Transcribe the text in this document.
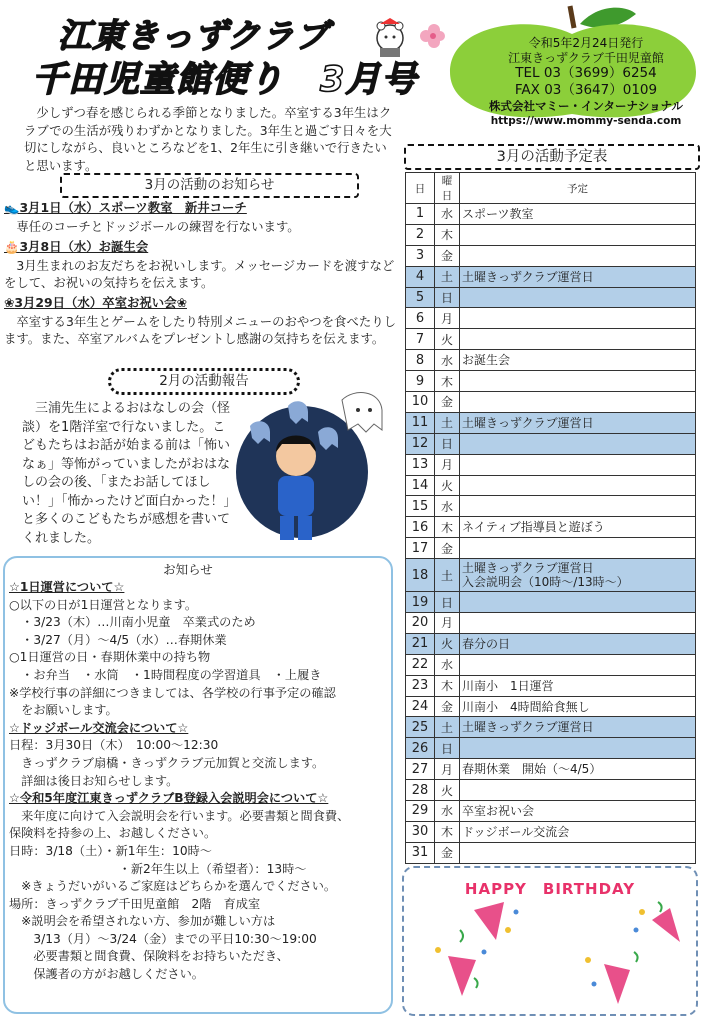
江東きっずクラブ
千田児童館便り　3月号
令和5年2月24日発行
江東きっずクラブ千田児童館
TEL 03（3699）6254
FAX 03（3647）0109
株式会社マミー・インターナショナル
https://www.mommy-senda.com
少しずつ春を感じられる季節となりました。卒室する3年生はクラブでの生活が残りわずかとなりました。3年生と過ごす日々を大切にしながら、良いところなどを1、2年生に引き継いで行きたいと思います。
3月の活動のお知らせ
👟3月1日（水）スポーツ教室　新井コーチ
専任のコーチとドッジボールの練習を行ないます。
🎂3月8日（水）お誕生会
3月生まれのお友だちをお祝いします。メッセージカードを渡すなどをして、お祝いの気持ちを伝えます。
❀3月29日（水）卒室お祝い会❀
卒室する3年生とゲームをしたり特別メニューのおやつを食べたりします。また、卒室アルバムをプレゼントし感謝の気持ちを伝えます。
2月の活動報告
三浦先生によるおはなしの会（怪談）を1階洋室で行ないました。こどもたちはお話が始まる前は「怖いなぁ」等怖がっていましたがおはなしの会の後、「またお話してほしい！」「怖かったけど面白かった！」と多くのこどもたちが感想を書いてくれました。
お知らせ
☆1日運営について☆
○以下の日が1日運営となります。
　・3/23（木）…川南小児童　卒業式のため
　・3/27（月）～4/5（水）…春期休業
○1日運営の日・春期休業中の持ち物
　・お弁当　・水筒　・1時間程度の学習道具　・上履き
※学校行事の詳細につきましては、各学校の行事予定の確認
　をお願いします。
☆ドッジボール交流会について☆
日程：3月30日（木）　10:00～12:30
　きっずクラブ扇橋・きっずクラブ元加賀と交流します。
　詳細は後日お知らせします。
☆令和5年度江東きっずクラブB登録入会説明会について☆
　来年度に向けて入会説明会を行います。必要書類と間食費、
保険料を持参の上、お越しください。
日時：3/18（土）・新1年生：10時～
　　　　　　　　　・新2年生以上（希望者）：13時～
　※きょうだいがいるご家庭はどちらかを選んでください。
場所：きっずクラブ千田児童館　2階　育成室
　※説明会を希望されない方、参加が難しい方は
　　3/13（月）～3/24（金）までの平日10:30～19:00
　　必要書類と間食費、保険料をお持ちいただき、
　　保護者の方がお越しください。
3月の活動予定表
日	曜日	予定
1	水	スポーツ教室
2	木	
3	金	
4	土	土曜きっずクラブ運営日
5	日	
6	月	
7	火	
8	水	お誕生会
9	木	
10	金	
11	土	土曜きっずクラブ運営日
12	日	
13	月	
14	火	
15	水	
16	木	ネイティブ指導員と遊ぼう
17	金	
18	土	土曜きっずクラブ運営日
入会説明会（10時～/13時～）
19	日	
20	月	
21	火	春分の日
22	水	
23	木	川南小　1日運営
24	金	川南小　4時間給食無し
25	土	土曜きっずクラブ運営日
26	日	
27	月	春期休業　開始（～4/5）
28	火	
29	水	卒室お祝い会
30	木	ドッジボール交流会
31	金	
HAPPY　BIRTHDAY
